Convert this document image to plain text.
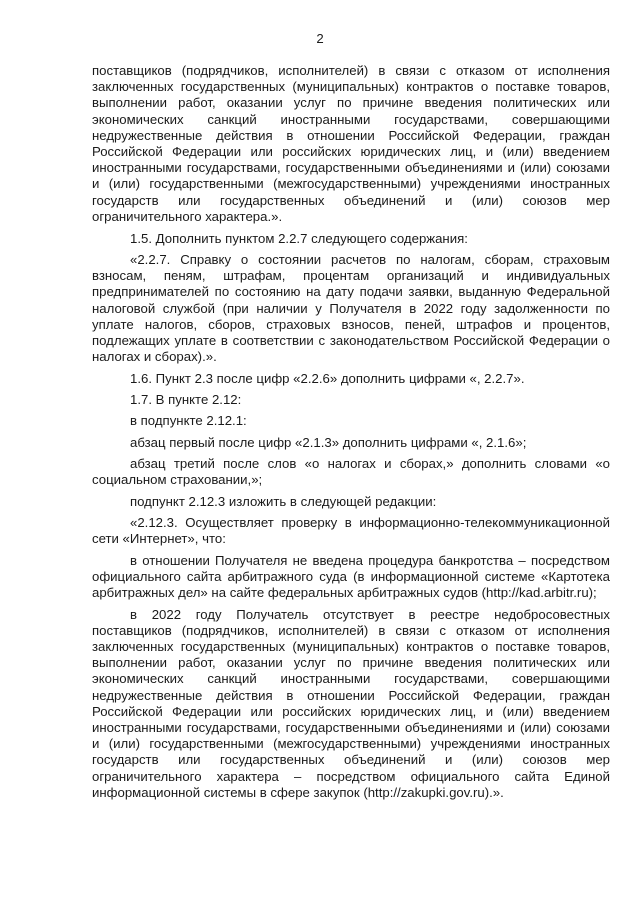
2

поставщиков (подрядчиков, исполнителей) в связи с отказом от исполнения заключенных государственных (муниципальных) контрактов о поставке товаров, выполнении работ, оказании услуг по причине введения политических или экономических санкций иностранными государствами, совершающими недружественные действия в отношении Российской Федерации, граждан Российской Федерации или российских юридических лиц, и (или) введением иностранными государствами, государственными объединениями и (или) союзами и (или) государственными (межгосударственными) учреждениями иностранных государств или государственных объединений и (или) союзов мер ограничительного характера.».

1.5. Дополнить пунктом 2.2.7 следующего содержания:

«2.2.7. Справку о состоянии расчетов по налогам, сборам, страховым взносам, пеням, штрафам, процентам организаций и индивидуальных предпринимателей по состоянию на дату подачи заявки, выданную Федеральной налоговой службой (при наличии у Получателя в 2022 году задолженности по уплате налогов, сборов, страховых взносов, пеней, штрафов и процентов, подлежащих уплате в соответствии с законодательством Российской Федерации о налогах и сборах).».

1.6. Пункт 2.3 после цифр «2.2.6» дополнить цифрами «, 2.2.7».

1.7. В пункте 2.12:

в подпункте 2.12.1:

абзац первый после цифр «2.1.3» дополнить цифрами «, 2.1.6»;

абзац третий после слов «о налогах и сборах,» дополнить словами «о социальном страховании,»;

подпункт 2.12.3 изложить в следующей редакции:

«2.12.3. Осуществляет проверку в информационно-телекоммуникационной сети «Интернет», что:

в отношении Получателя не введена процедура банкротства – посредством официального сайта арбитражного суда (в информационной системе «Картотека арбитражных дел» на сайте федеральных арбитражных судов (http://kad.arbitr.ru);

в 2022 году Получатель отсутствует в реестре недобросовестных поставщиков (подрядчиков, исполнителей) в связи с отказом от исполнения заключенных государственных (муниципальных) контрактов о поставке товаров, выполнении работ, оказании услуг по причине введения политических или экономических санкций иностранными государствами, совершающими недружественные действия в отношении Российской Федерации, граждан Российской Федерации или российских юридических лиц, и (или) введением иностранными государствами, государственными объединениями и (или) союзами и (или) государственными (межгосударственными) учреждениями иностранных государств или государственных объединений и (или) союзов мер ограничительного характера – посредством официального сайта Единой информационной системы в сфере закупок (http://zakupki.gov.ru).».
